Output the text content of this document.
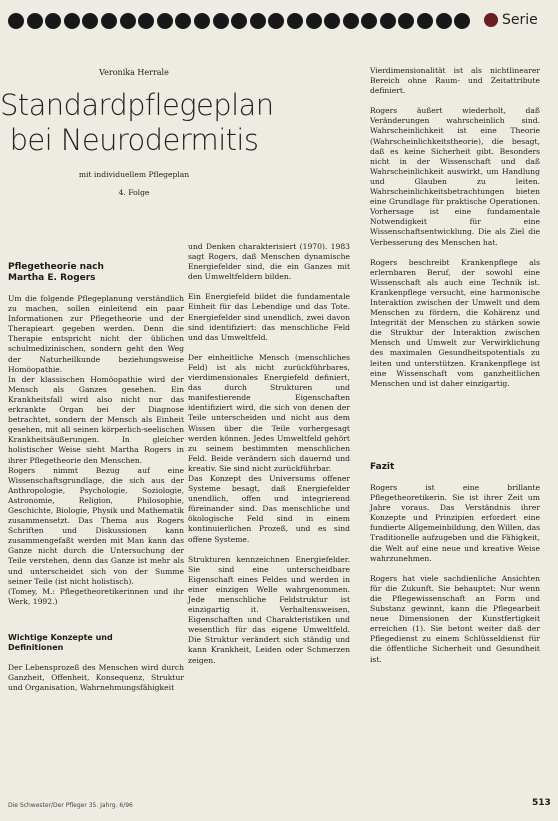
Serie
Veronika Herrale
Standardpflegeplan bei Neurodermitis
mit individuellem Pflegeplan
4. Folge
Pflegetheorie nach
Martha E. Rogers

Um die folgende Pflegeplanung verständlich zu machen, sollen einleitend ein paar Informationen zur Pflegetheorie und der Therapieart gegeben werden. Denn die Therapie entspricht nicht der üblichen schulmedizinischen, sondern geht den Weg der Naturheilkunde beziehungsweise Homöopathie.

In der klassischen Homöopathie wird der Mensch als Ganzes gesehen. Ein Krankheitsfall wird also nicht nur das erkrankte Organ bei der Diagnose betrachtet, sondern der Mensch als Einheit gesehen, mit all seinen körperlich-seelischen Krankheitsäußerungen. In gleicher holistischer Weise sieht Martha Rogers in ihrer Pflegetheorie den Menschen.

Rogers nimmt Bezug auf eine Wissenschaftsgrundlage, die sich aus der Anthropologie, Psychologie, Soziologie, Astronomie, Religion, Philosophie, Geschichte, Biologie, Physik und Mathematik zusammensetzt. Das Thema aus Rogers Schriften und Diskussionen kann zusammengefaßt werden mit Man kann das Ganze nicht durch die Untersuchung der Teile verstehen, denn das Ganze ist mehr als und unterscheidet sich von der Summe seiner Teile (ist nicht holistisch).

(Tomey, M.: Pflegetheoretikerinnen und ihr Werk, 1992.)

Wichtige Konzepte und
Definitionen

Der Lebensprozeß des Menschen wird durch Ganzheit, Offenheit, Konsequenz, Struktur und Organisation, Wahrnehmungsfähigkeit

und Denken charakterisiert (1970). 1983 sagt Rogers, daß Menschen dynamische Energiefelder sind, die ein Ganzes mit den Umweltfeldern bilden.

Ein Energiefeld bildet die fundamentale Einheit für das Lebendige und das Tote. Energiefelder sind unendlich, zwei davon sind identifiziert: das menschliche Feld und das Umweltfeld.

Der einheitliche Mensch (menschliches Feld) ist als nicht zurückführbares, vierdimensionales Energiefeld definiert, das durch Strukturen und manifestierende Eigenschaften identifiziert wird, die sich von denen der Teile unterscheiden und nicht aus dem Wissen über die Teile vorhergesagt werden können. Jedes Umweltfeld gehört zu seinem bestimmten menschlichen Feld. Beide verändern sich dauernd und kreativ. Sie sind nicht zurückführbar.

Das Konzept des Universums offener Systeme besagt, daß Energiefelder unendlich, offen und integrierend füreinander sind. Das menschliche und ökologische Feld sind in einem kontinuierlichen Prozeß, und es sind offene Systeme.

Strukturen kennzeichnen Energiefelder. Sie sind eine unterscheidbare Eigenschaft eines Feldes und werden in einer einzigen Welle wahrgenommen. Jede menschliche Feldstruktur ist einzigartig it. Verhaltensweisen, Eigenschaften und Charakteristiken und wesentlich für das eigene Umweltfeld. Die Struktur verändert sich ständig und kann Krankheit, Leiden oder Schmerzen zeigen.

Vierdimensionalität ist als nichtlinearer Bereich ohne Raum- und Zeitattribute definiert.

Rogers äußert wiederholt, daß Veränderungen wahrscheinlich sind. Wahrscheinlichkeit ist eine Theorie (Wahrscheinlichkeitstheorie), die besagt, daß es keine Sicherheit gibt. Besonders nicht in der Wissenschaft und daß Wahrscheinlichkeit auswirkt, um Handlung und Glauben zu leiten. Wahrscheinlichkeitsbetrachtungen bieten eine Grundlage für praktische Operationen. Vorhersage ist eine fundamentale Notwendigkeit für eine Wissenschaftsentwicklung. Die als Ziel die Verbesserung des Menschen hat.

Rogers beschreibt Krankenpflege als erlernbaren Beruf, der sowohl eine Wissenschaft als auch eine Technik ist. Krankenpflege versucht, eine harmonische Interaktion zwischen der Umwelt und dem Menschen zu fördern, die Kohärenz und Integrität der Menschen zu stärken sowie die Struktur der Interaktion zwischen Mensch und Umwelt zur Verwirklichung des maximalen Gesundheitspotentials zu leiten und unterstützen. Krankenpflege ist eine Wissenschaft vom ganzheitlichen Menschen und ist daher einzigartig.

Fazit

Rogers ist eine brillante Pflegetheoretikerin. Sie ist ihrer Zeit um Jahre voraus. Das Verständnis ihrer Konzepte und Prinzipien erfordert eine fundierte Allgemeinbildung, den Willen, das Traditionelle aufzugeben und die Fähigkeit, die Welt auf eine neue und kreative Weise wahrzunehmen.

Rogers hat viele sachdienliche Ansichten für die Zukunft. Sie behauptet: Nur wenn die Pflegewissenschaft an Form und Substanz gewinnt, kann die Pflegearbeit neue Dimensionen der Kunstfertigkeit erreichen (1). Sie betont weiter daß der Pflegedienst zu einem Schlüsseldienst für die öffentliche Sicherheit und Gesundheit ist.

Die Schwester/Der Pfleger 35. Jahrg. 6/96	513
